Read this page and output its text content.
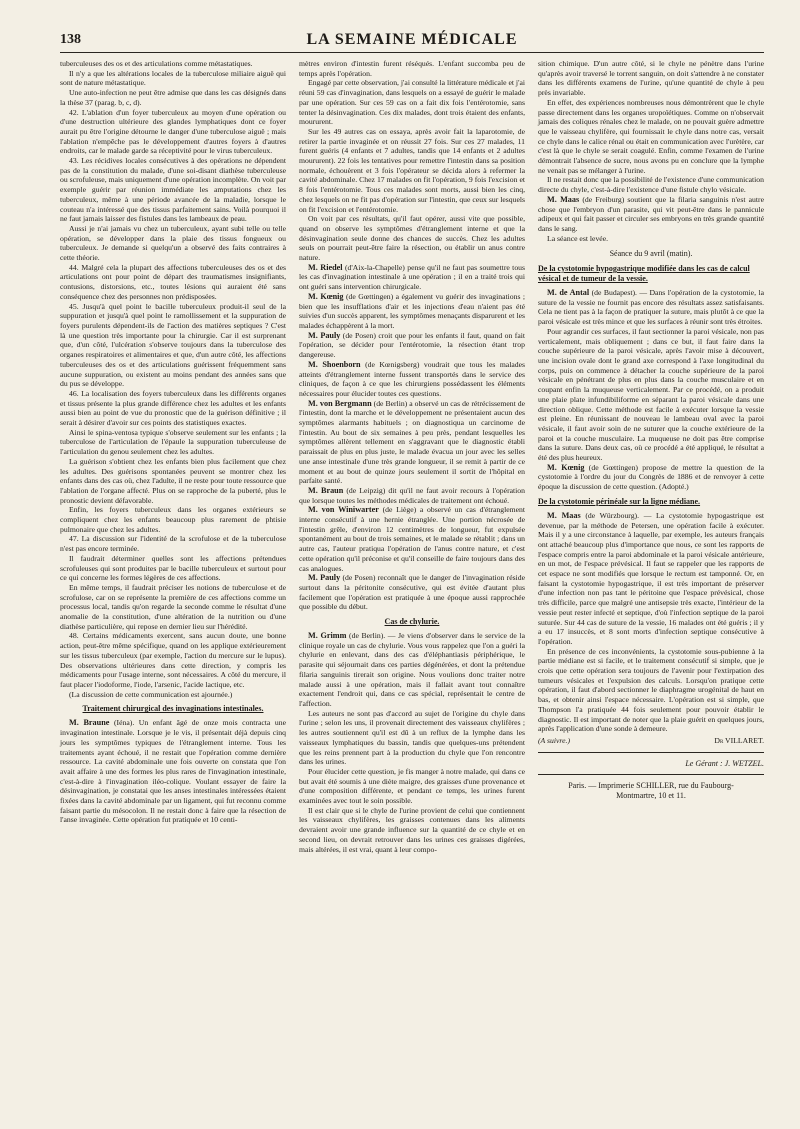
138	LA SEMAINE MÉDICALE

tuberculeuses des os et des articulations comme métastatiques.

Il n'y a que les altérations locales de la tuberculose miliaire aiguë qui sont de nature métastatique.

Une auto-infection ne peut être admise que dans les cas désignés dans la thèse 37 (parag. b, c, d).

42. L'ablation d'un foyer tuberculeux au moyen d'une opération ou d'une destruction ultérieure des glandes lymphatiques dont ce foyer aurait pu être l'origine détourne le danger d'une tuberculose aiguë ; mais l'ablation n'empêche pas le développement d'autres foyers à d'autres endroits, car le malade garde sa réceptivité pour le virus tuberculeux.

43. Les récidives locales consécutives à des opérations ne dépendent pas de la constitution du malade, d'une soi-disant diathèse tuberculeuse ou scrofuleuse, mais uniquement d'une opération incomplète. On voit par exemple guérir par réunion immédiate les amputations chez les tuberculeux, même à une période avancée de la maladie, lorsque le couteau n'a intéressé que des tissus parfaitement sains. Voilà pourquoi il ne faut jamais laisser des fistules dans les lambeaux de peau.

Aussi je n'ai jamais vu chez un tuberculeux, ayant subi telle ou telle opération, se développer dans la plaie des tissus fongueux ou tuberculeux. Je demande si quelqu'un a observé des faits contraires à cette théorie.

44. Malgré cela la plupart des affections tuberculeuses des os et des articulations ont pour point de départ des traumatismes insignifiants, contusions, distorsions, etc., toutes lésions qui auraient été sans conséquence chez des personnes non prédisposées.

45. Jusqu'à quel point le bacille tuberculeux produit-il seul de la suppuration et jusqu'à quel point le ramollissement et la suppuration de foyers purulents dépendent-ils de l'action des matières septiques ? C'est là une question très importante pour la chirurgie. Car il est surprenant que, d'un côté, l'ulcération s'observe toujours dans la tuberculose des organes respiratoires et alimentaires et que, d'un autre côté, les affections tuberculeuses des os et des articulations guérissent fréquemment sans aucune suppuration, ou existent au moins pendant des années sans que du pus se développe.

46. La localisation des foyers tuberculeux dans les différents organes et tissus présente la plus grande différence chez les adultes et les enfants aussi bien au point de vue du pronostic que de la guérison définitive ; il serait à désirer d'avoir sur ces points des statistiques exactes.

Ainsi le spina-ventosa typique s'observe seulement sur les enfants ; la tuberculose de l'articulation de l'épaule la suppuration tuberculeuse de l'articulation du genou seulement chez les adultes.

La guérison s'obtient chez les enfants bien plus facilement que chez les adultes. Des guérisons spontanées peuvent se montrer chez les enfants dans des cas où, chez l'adulte, il ne reste pour toute ressource que l'ablation de l'organe affecté. Plus on se rapproche de la puberté, plus le pronostic devient défavorable.

Enfin, les foyers tuberculeux dans les organes extérieurs se compliquent chez les enfants beaucoup plus rarement de phtisie pulmonaire que chez les adultes.

47. La discussion sur l'identité de la scrofulose et de la tuberculose n'est pas encore terminée.

Il faudrait déterminer quelles sont les affections prétendues scrofuleuses qui sont produites par le bacille tuberculeux et surtout pour ce qui concerne les formes légères de ces affections.

En même temps, il faudrait préciser les notions de tuberculose et de scrofulose, car on se représente la première de ces affections comme un processus local, tandis qu'on regarde la seconde comme le résultat d'une anomalie de la constitution, d'une altération de la nutrition ou d'une diathèse particulière, qui repose en dernier lieu sur l'hérédité.

48. Certains médicaments exercent, sans aucun doute, une bonne action, peut-être même spécifique, quand on les applique extérieurement sur les tissus tuberculeux (par exemple, l'action du mercure sur le lupus). Des observations ultérieures dans cette direction, y compris les médicaments pour l'usage interne, sont nécessaires. A côté du mercure, il faut placer l'iodoforme, l'iode, l'arsenic, l'acide lactique, etc.

(La discussion de cette communication est ajournée.)

Traitement chirurgical des invaginations intestinales.

M. Braune (Iéna). Un enfant âgé de onze mois contracta une invagination intestinale. Lorsque je le vis, il présentait déjà depuis cinq jours les symptômes typiques de l'étranglement interne. Tous les traitements ayant échoué, il ne restait que l'opération comme dernière ressource. La cavité abdominale une fois ouverte on constata que l'on avait affaire à une des formes les plus rares de l'invagination intestinale, c'est-à-dire à l'invagination iléo-colique. Voulant essayer de faire la désinvagination, je constatai que les anses intestinales intéressées étaient fixées dans la cavité abdominale par un ligament, qui fut reconnu comme faisant partie du mésocolon. Il ne restait donc à faire que la résection de l'anse invaginée. Cette opération fut pratiquée et 10 centi-

mètres environ d'intestin furent réséqués. L'enfant succomba peu de temps après l'opération.

Engagé par cette observation, j'ai consulté la littérature médicale et j'ai réuni 59 cas d'invagination, dans lesquels on a essayé de guérir le malade par une opération. Sur ces 59 cas on a fait dix fois l'entérotomie, sans tenter la désinvagination. Ces dix malades, dont trois étaient des enfants, moururent.

Sur les 49 autres cas on essaya, après avoir fait la laparotomie, de retirer la partie invaginée et on réussit 27 fois. Sur ces 27 malades, 11 furent guéris (4 enfants et 7 adultes, tandis que 14 enfants et 2 adultes moururent). 22 fois les tentatives pour remettre l'intestin dans sa position normale, échouèrent et 3 fois l'opérateur se décida alors à refermer la cavité abdominale. Chez 17 malades on fit l'opération, 9 fois l'excision et 8 fois l'entérotomie. Tous ces malades sont morts, aussi bien les cinq, chez lesquels on ne fit pas d'opération sur l'intestin, que ceux sur lesquels on fit l'excision et l'entérotomie.

On voit par ces résultats, qu'il faut opérer, aussi vite que possible, quand on observe les symptômes d'étranglement interne et que la désinvagination seule donne des chances de succès. Chez les adultes seuls on pourrait peut-être faire la résection, ou établir un anus contre nature.

M. Riedel (d'Aix-la-Chapelle) pense qu'il ne faut pas soumettre tous les cas d'invagination intestinale à une opération ; il en a traité trois qui ont guéri sans intervention chirurgicale.

M. Kœnig (de Gœttingen) a également vu guérir des invaginations ; bien que les insufflations d'air et les injections d'eau n'aient pas été suivies d'un succès apparent, les symptômes menaçants disparurent et les malades échappèrent à la mort.

M. Pauly (de Posen) croit que pour les enfants il faut, quand on fait l'opération, se décider pour l'entérotomie, la résection étant trop dangereuse.

M. Shoenborn (de Kœnigsberg) voudrait que tous les malades atteints d'étranglement interne fussent transportés dans le service des cliniques, de façon à ce que les chirurgiens possédassent les éléments nécessaires pour élucider toutes ces questions.

M. von Bergmann (de Berlin) a observé un cas de rétrécissement de l'intestin, dont la marche et le développement ne présentaient aucun des symptômes alarmants habituels ; on diagnostiqua un carcinome de l'intestin. Au bout de six semaines à peu près, pendant lesquelles les symptômes allèrent tellement en s'aggravant que le diagnostic établi paraissait de plus en plus juste, le malade évacua un jour avec les selles une anse intestinale d'une très grande longueur, il se remit à partir de ce moment et au bout de quinze jours seulement il sortit de l'hôpital en parfaite santé.

M. Braun (de Leipzig) dit qu'il ne faut avoir recours à l'opération que lorsque toutes les méthodes médicales de traitement ont échoué.

M. von Winiwarter (de Liège) a observé un cas d'étranglement interne consécutif à une hernie étranglée. Une portion nécrosée de l'intestin grêle, d'environ 12 centimètres de longueur, fut expulsée spontanément au bout de trois semaines, et le malade se rétablit ; dans un autre cas, l'auteur pratiqua l'opération de l'anus contre nature, et c'est cette opération qu'il préconise et qu'il conseille de faire toujours dans des cas analogues.

M. Pauly (de Posen) reconnaît que le danger de l'invagination réside surtout dans la péritonite consécutive, qui est évitée d'autant plus facilement que l'opération est pratiquée à une époque aussi rapprochée que possible du début.

Cas de chylurie.

M. Grimm (de Berlin). — Je viens d'observer dans le service de la clinique royale un cas de chylurie. Vous vous rappelez que l'on a guéri la chylurie en enlevant, dans des cas d'éléphantiasis périphérique, le parasite qui séjournait dans ces parties dégénérées, et dont la prétendue filaria sanguinis tirerait son origine. Nous voulions donc traiter notre malade aussi à une opération, mais il fallait avant tout connaître exactement l'endroit qui, dans ce cas spécial, représentait le centre de l'affection.

Les auteurs ne sont pas d'accord au sujet de l'origine du chyle dans l'urine ; selon les uns, il provenait directement des vaisseaux chylifères ; les autres soutiennent qu'il est dû à un reflux de la lymphe dans les vaisseaux lymphatiques du bassin, tandis que quelques-uns prétendent que les reins prennent part à la production du chyle que l'on rencontre dans les urines.

Pour élucider cette question, je fis manger à notre malade, qui dans ce but avait été soumis à une diète maigre, des graisses d'une provenance et d'une composition différente, et pendant ce temps, les urines furent examinées avec tout le soin possible.

Il est clair que si le chyle de l'urine provient de celui que contiennent les vaisseaux chylifères, les graisses contenues dans les aliments devraient avoir une grande influence sur la quantité de ce chyle et en second lieu, on devrait retrouver dans les urines ces graisses digérées, mais altérées, il est vrai, quant à leur compo-

sition chimique. D'un autre côté, si le chyle ne pénètre dans l'urine qu'après avoir traversé le torrent sanguin, on doit s'attendre à ne constater dans les différents examens de l'urine, qu'une quantité de chyle à peu près invariable.

En effet, des expériences nombreuses nous démontrèrent que le chyle passe directement dans les organes uropoïétiques. Comme on n'observait jamais des coliques rénales chez le malade, on ne pouvait guère admettre que le vaisseau chylifère, qui fournissait le chyle dans notre cas, versait ce chyle dans le calice rénal ou était en communication avec l'urètère, car c'est là que le chyle se serait coagulé. Enfin, comme l'examen de l'urine démontrait l'absence de sucre, nous avons pu en conclure que la lymphe ne venait pas se mélanger à l'urine.

Il ne restait donc que la possibilité de l'existence d'une communication directe du chyle, c'est-à-dire l'existence d'une fistule chylo vésicale.

M. Maas (de Freiburg) soutient que la filaria sanguinis n'est autre chose que l'embryon d'un parasite, qui vit peut-être dans le pannicule adipeux et qui fait passer et circuler ses embryons en très grande quantité dans le sang.

La séance est levée.

Séance du 9 avril (matin).
De la cystotomie hypogastrique modifiée dans les cas de calcul vésical et de tumeur de la vessie.

M. de Antal (de Budapest). — Dans l'opération de la cystotomie, la suture de la vessie ne fournit pas encore des résultats assez satisfaisants. Cela ne tient pas à la façon de pratiquer la suture, mais plutôt à ce que la paroi vésicale est très mince et que les surfaces à réunir sont très étroites.

Pour agrandir ces surfaces, il faut sectionner la paroi vésicale, non pas verticalement, mais obliquement ; dans ce but, il faut faire dans la couche supérieure de la paroi vésicale, après l'avoir mise à découvert, une incision ovale dont le grand axe correspond à l'axe longitudinal du corps, puis on commence à détacher la couche supérieure de la paroi vésicale en pénétrant de plus en plus dans la couche musculaire et en coupant enfin la muqueuse verticalement. Par ce procédé, on a produit une plaie plate infundibiliforme en séparant la paroi vésicale dans une direction oblique. Cette méthode est facile à exécuter lorsque la vessie est pleine. En réunissant de nouveau le lambeau oval avec la paroi vésicale, il faut avoir soin de ne suturer que la couche extérieure de la paroi et la couche musculaire. La muqueuse ne doit pas être comprise dans la suture. Dans deux cas, où ce procédé a été appliqué, le résultat a été des plus heureux.

M. Kœnig (de Gœttingen) propose de mettre la question de la cystotomie à l'ordre du jour du Congrès de 1886 et de renvoyer à cette époque la discussion de cette question. (Adopté.)

De la cystotomie périnéale sur la ligne médiane.

M. Maas (de Würzbourg). — La cystotomie hypogastrique est devenue, par la méthode de Petersen, une opération facile à exécuter. Mais il y a une circonstance à laquelle, par exemple, les auteurs français ont attaché beaucoup plus d'importance que nous, ce sont les rapports de l'espace compris entre la paroi abdominale et la paroi vésicale antérieure, en un mot, de l'espace prévésical. Il faut se rappeler que les rapports de cet espace ne sont modifiés que lorsque le rectum est tamponné. Or, en faisant la cystotomie hypogastrique, il est très important de préserver d'une infection non pas tant le péritoine que l'espace prévésical, chose très difficile, parce que malgré une antisepsie très exacte, l'intérieur de la vessie peut rester infecté et septique, d'où l'infection septique de la paroi suturée. Sur 44 cas de suture de la vessie, 16 malades ont été guéris ; il y a eu 17 insuccès, et 8 sont morts d'infection septique consécutive à l'opération.

En présence de ces inconvénients, la cystotomie sous-pubienne à la partie médiane est si facile, et le traitement consécutif si simple, que je crois que cette opération sera toujours de l'avenir pour l'extirpation des tumeurs vésicales et l'expulsion des calculs. Lorsqu'on pratique cette opération, il faut d'abord sectionner le diaphragme urogénital de haut en bas, et obtenir ainsi l'espace nécessaire. L'opération est si simple, que Thompson l'a pratiquée 44 fois seulement pour pouvoir établir le diagnostic. Il est important de noter que la plaie guérit en quelques jours, après l'application d'une sonde à demeure.

(A suivre.)	Dr VILLARET.
Le Gérant : J. WETZEL.
Paris. — Imprimerie SCHILLER, rue du Faubourg-
Montmartre, 10 et 11.
